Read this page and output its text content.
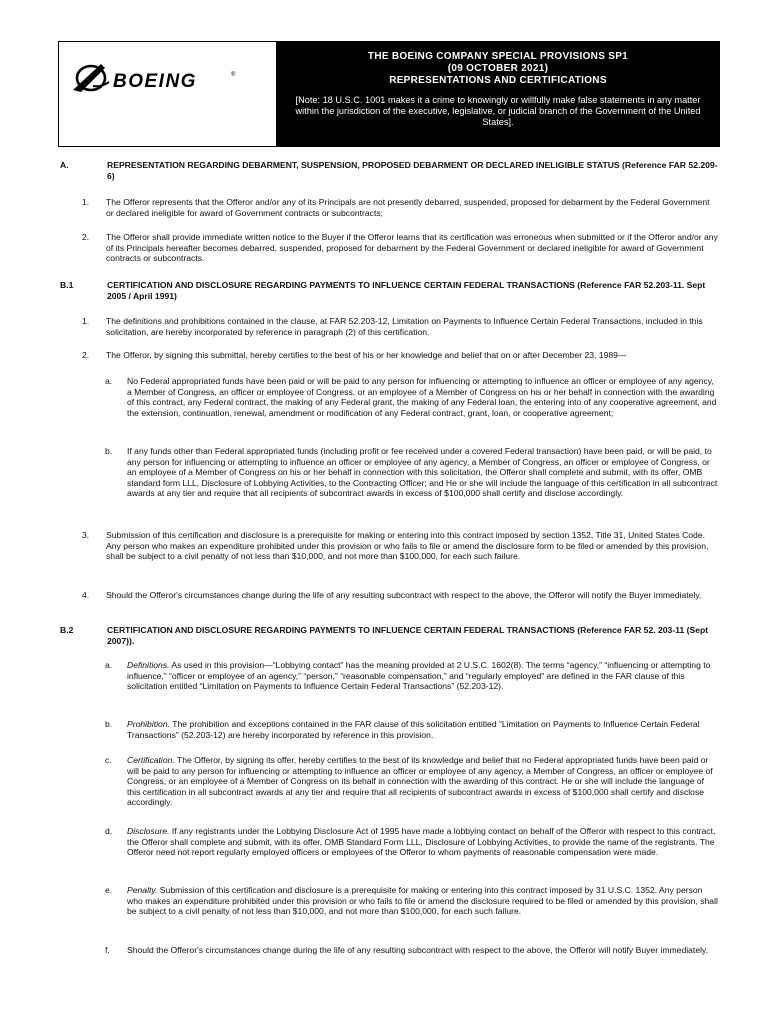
BOEING	®
THE BOEING COMPANY SPECIAL PROVISIONS SP1
(09 OCTOBER 2021)
REPRESENTATIONS AND CERTIFICATIONS
[Note: 18 U.S.C. 1001 makes it a crime to knowingly or willfully make false statements in any matter within the jurisdiction of the executive, legislative, or judicial branch of the Government of the United States].
A.	REPRESENTATION REGARDING DEBARMENT, SUSPENSION, PROPOSED DEBARMENT OR DECLARED INELIGIBLE STATUS (Reference FAR 52.209-6)
1. The Offeror represents that the Offeror and/or any of its Principals are not presently debarred, suspended, proposed for debarment by the Federal Government or declared ineligible for award of Government contracts or subcontracts;
2. The Offeror shall provide immediate written notice to the Buyer if the Offeror learns that its certification was erroneous when submitted or if the Offeror and/or any of its Principals hereafter becomes debarred, suspended, proposed for debarment by the Federal Government or declared ineligible for award of Government contracts or subcontracts.
B.1	CERTIFICATION AND DISCLOSURE REGARDING PAYMENTS TO INFLUENCE CERTAIN FEDERAL TRANSACTIONS (Reference FAR 52.203-11. Sept 2005 / April 1991)
1. The definitions and prohibitions contained in the clause, at FAR 52.203-12, Limitation on Payments to Influence Certain Federal Transactions, included in this solicitation, are hereby incorporated by reference in paragraph (2) of this certification.
2. The Offeror, by signing this submittal, hereby certifies to the best of his or her knowledge and belief that on or after December 23, 1989—
a. No Federal appropriated funds have been paid or will be paid to any person for influencing or attempting to influence an officer or employee of any agency, a Member of Congress, an officer or employee of Congress, or an employee of a Member of Congress on his or her behalf in connection with the awarding of this contract, any Federal contract, the making of any Federal grant, the making of any Federal loan, the entering into of any cooperative agreement, and the extension, continuation, renewal, amendment or modification of any Federal contract, grant, loan, or cooperative agreement;
b. If any funds other than Federal appropriated funds (including profit or fee received under a covered Federal transaction) have been paid, or will be paid, to any person for influencing or attempting to influence an officer or employee of any agency, a Member of Congress, an officer or employee of Congress, or an employee of a Member of Congress on his or her behalf in connection with this solicitation, the Offeror shall complete and submit, with its offer, OMB standard form LLL, Disclosure of Lobbying Activities, to the Contracting Officer; and He or she will include the language of this certification in all subcontract awards at any tier and require that all recipients of subcontract awards in excess of $100,000 shall certify and disclose accordingly.
3. Submission of this certification and disclosure is a prerequisite for making or entering into this contract imposed by section 1352, Title 31, United States Code. Any person who makes an expenditure prohibited under this provision or who fails to file or amend the disclosure form to be filed or amended by this provision, shall be subject to a civil penalty of not less than $10,000, and not more than $100,000, for each such failure.
4. Should the Offeror's circumstances change during the life of any resulting subcontract with respect to the above, the Offeror will notify the Buyer immediately.
B.2	CERTIFICATION AND DISCLOSURE REGARDING PAYMENTS TO INFLUENCE CERTAIN FEDERAL TRANSACTIONS (Reference FAR 52. 203-11 (Sept 2007)).
a. Definitions. As used in this provision—“Lobbying contact” has the meaning provided at 2 U.S.C. 1602(8). The terms “agency,” “influencing or attempting to influence,” “officer or employee of an agency,” “person,” “reasonable compensation,” and “regularly employed” are defined in the FAR clause of this solicitation entitled “Limitation on Payments to Influence Certain Federal Transactions” (52.203-12).
b. Prohibition. The prohibition and exceptions contained in the FAR clause of this solicitation entitled “Limitation on Payments to Influence Certain Federal Transactions” (52.203-12) are hereby incorporated by reference in this provision.
c. Certification. The Offeror, by signing its offer, hereby certifies to the best of its knowledge and belief that no Federal appropriated funds have been paid or will be paid to any person for influencing or attempting to influence an officer or employee of any agency, a Member of Congress, an officer or employee of Congress, or an employee of a Member of Congress on its behalf in connection with the awarding of this contract. He or she will include the language of this certification in all subcontract awards at any tier and require that all recipients of subcontract awards in excess of $100,000 shall certify and disclose accordingly.
d. Disclosure. If any registrants under the Lobbying Disclosure Act of 1995 have made a lobbying contact on behalf of the Offeror with respect to this contract, the Offeror shall complete and submit, with its offer, OMB Standard Form LLL, Disclosure of Lobbying Activities, to provide the name of the registrants. The Offeror need not report regularly employed officers or employees of the Offeror to whom payments of reasonable compensation were made.
e. Penalty. Submission of this certification and disclosure is a prerequisite for making or entering into this contract imposed by 31 U.S.C. 1352. Any person who makes an expenditure prohibited under this provision or who fails to file or amend the disclosure required to be filed or amended by this provision, shall be subject to a civil penalty of not less than $10,000, and not more than $100,000, for each such failure.
f. Should the Offeror's circumstances change during the life of any resulting subcontract with respect to the above, the Offeror will notify Buyer immediately.
